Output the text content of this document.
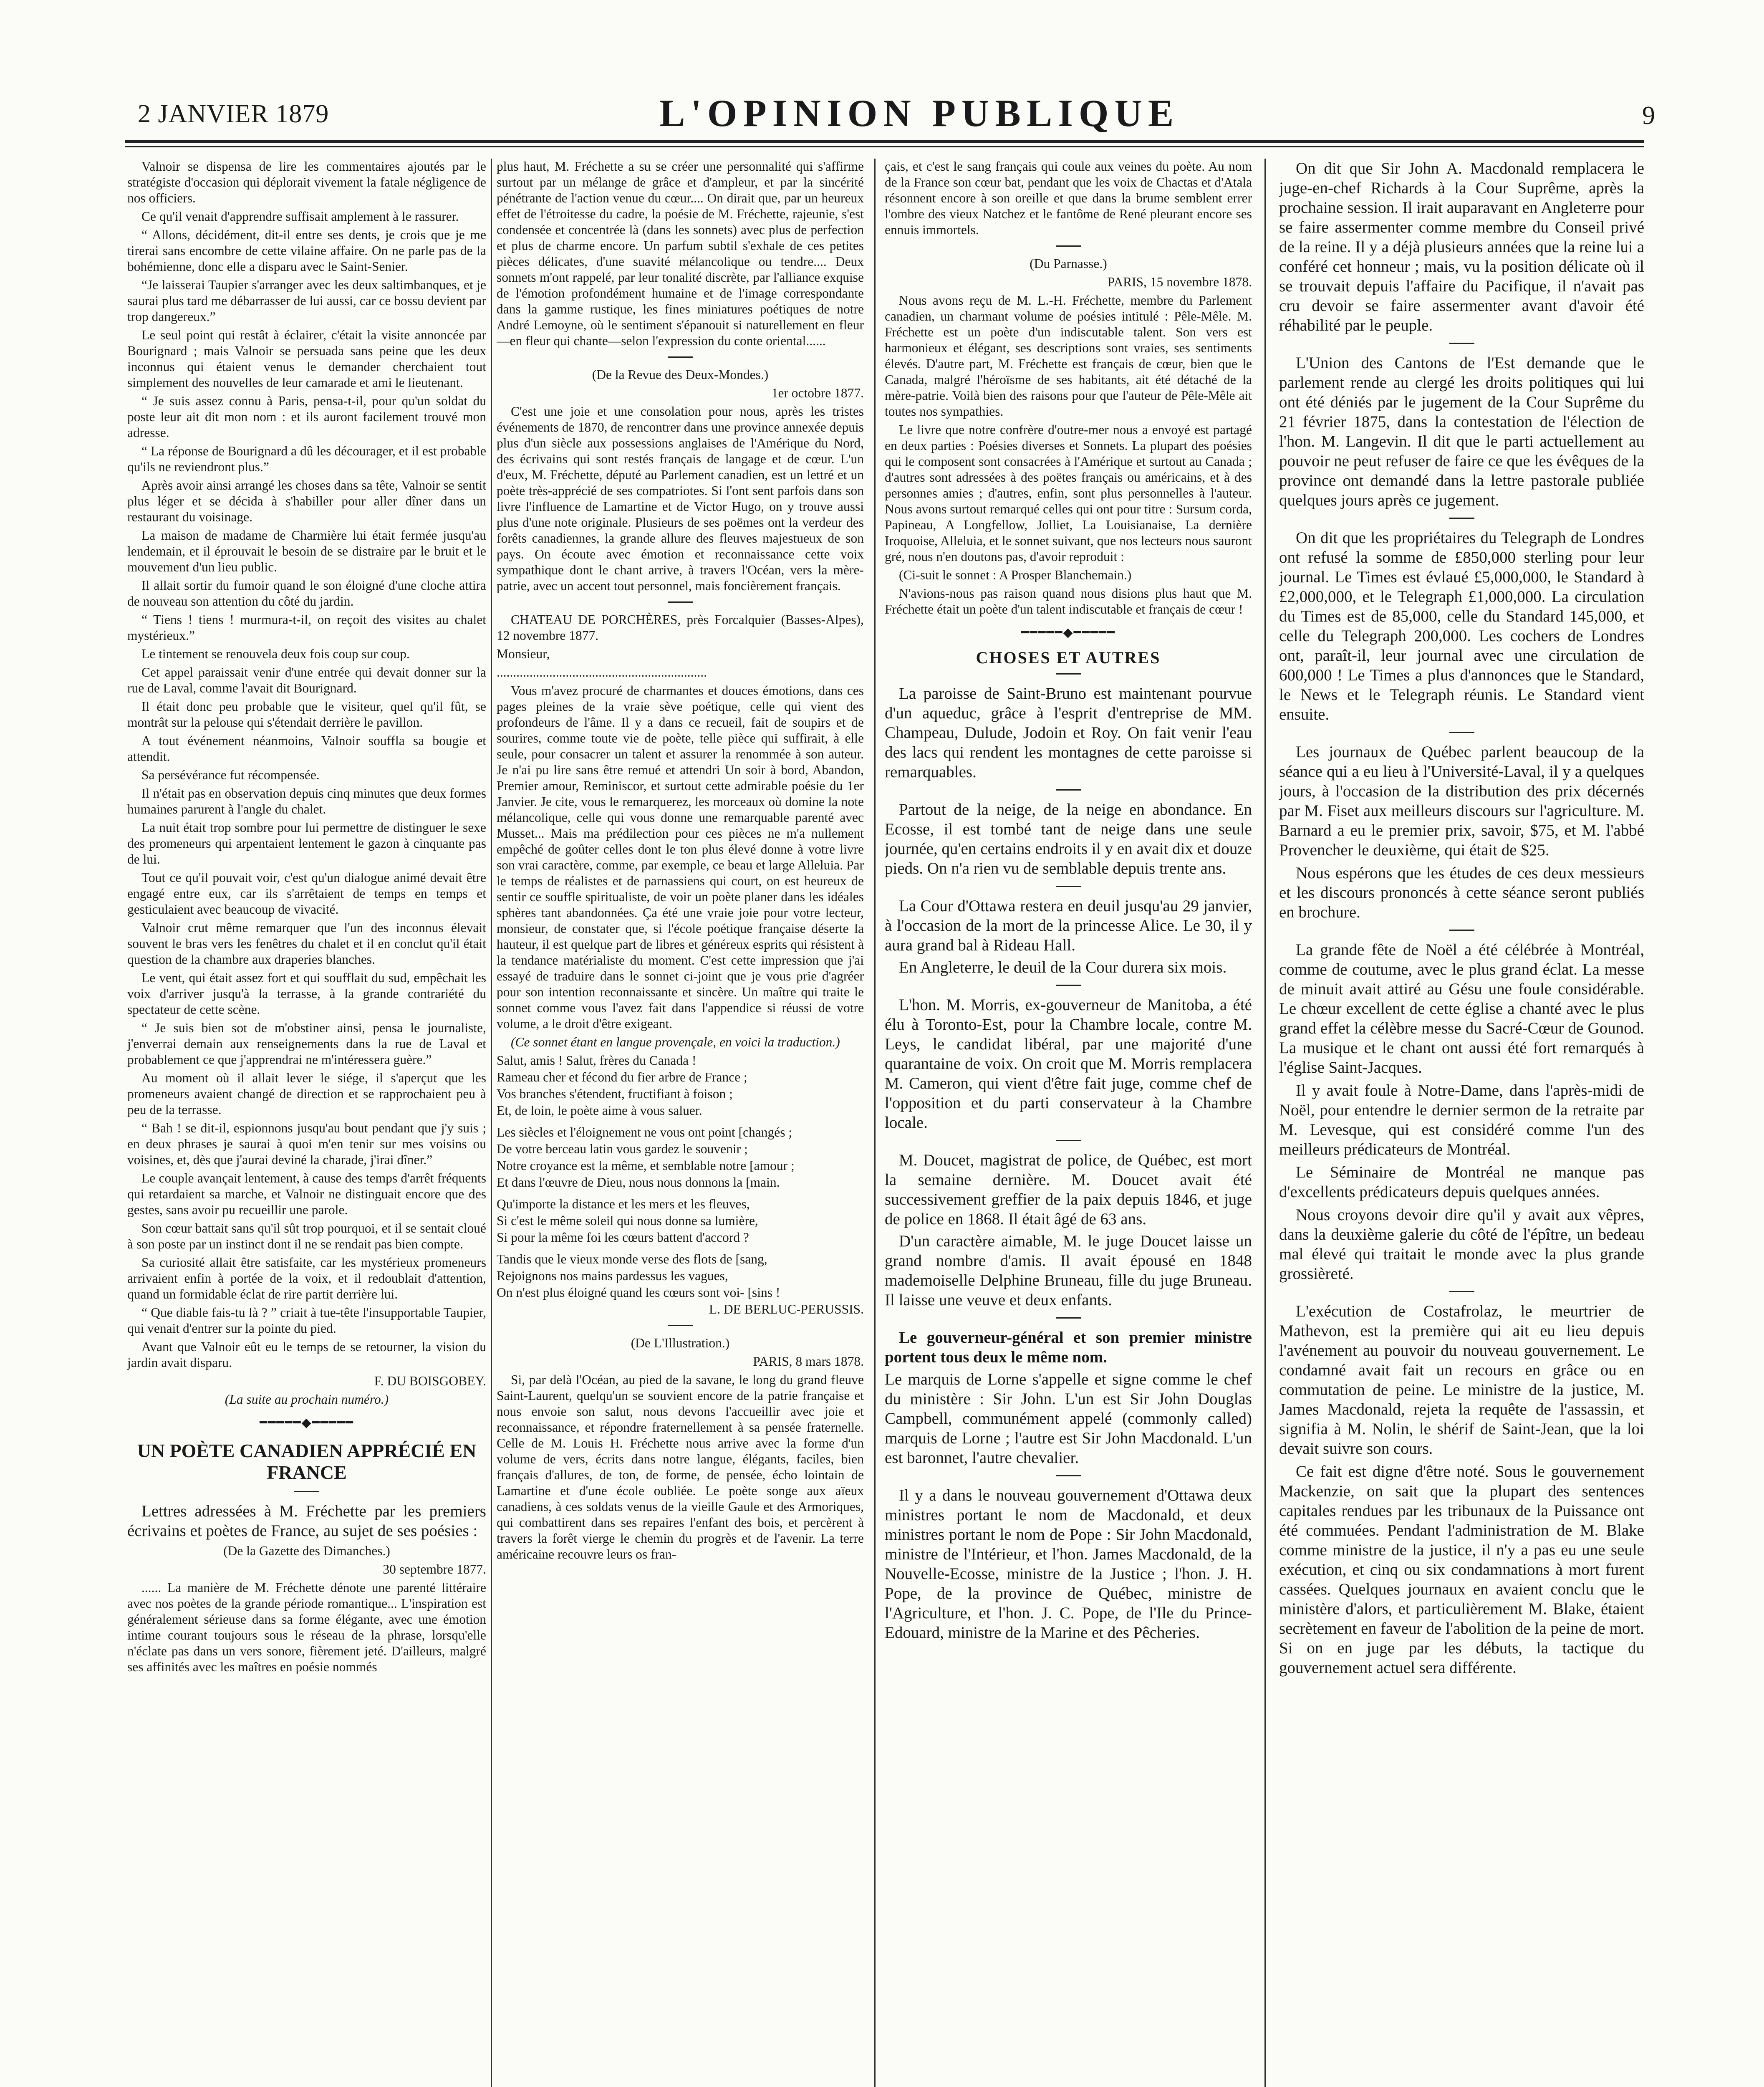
2 JANVIER 1879	L'OPINION PUBLIQUE	9

Valnoir se dispensa de lire les commentaires ajoutés par le stratégiste d'occasion qui déplorait vivement la fatale négligence de nos officiers.

Ce qu'il venait d'apprendre suffisait amplement à le rassurer.

“ Allons, décidément, dit-il entre ses dents, je crois que je me tirerai sans encombre de cette vilaine affaire. On ne parle pas de la bohémienne, donc elle a disparu avec le Saint-Senier.

“Je laisserai Taupier s'arranger avec les deux saltimbanques, et je saurai plus tard me débarrasser de lui aussi, car ce bossu devient par trop dangereux.”

Le seul point qui restât à éclairer, c'était la visite annoncée par Bourignard ; mais Valnoir se persuada sans peine que les deux inconnus qui étaient venus le demander cherchaient tout simplement des nouvelles de leur camarade et ami le lieutenant.

“ Je suis assez connu à Paris, pensa-t-il, pour qu'un soldat du poste leur ait dit mon nom : et ils auront facilement trouvé mon adresse.

“ La réponse de Bourignard a dû les décourager, et il est probable qu'ils ne reviendront plus.”

Après avoir ainsi arrangé les choses dans sa tête, Valnoir se sentit plus léger et se décida à s'habiller pour aller dîner dans un restaurant du voisinage.

La maison de madame de Charmière lui était fermée jusqu'au lendemain, et il éprouvait le besoin de se distraire par le bruit et le mouvement d'un lieu public.

Il allait sortir du fumoir quand le son éloigné d'une cloche attira de nouveau son attention du côté du jardin.

“ Tiens ! tiens ! murmura-t-il, on reçoit des visites au chalet mystérieux.”

Le tintement se renouvela deux fois coup sur coup.

Cet appel paraissait venir d'une entrée qui devait donner sur la rue de Laval, comme l'avait dit Bourignard.

Il était donc peu probable que le visiteur, quel qu'il fût, se montrât sur la pelouse qui s'étendait derrière le pavillon.

A tout événement néanmoins, Valnoir souffla sa bougie et attendit.

Sa persévérance fut récompensée.

Il n'était pas en observation depuis cinq minutes que deux formes humaines parurent à l'angle du chalet.

La nuit était trop sombre pour lui permettre de distinguer le sexe des promeneurs qui arpentaient lentement le gazon à cinquante pas de lui.

Tout ce qu'il pouvait voir, c'est qu'un dialogue animé devait être engagé entre eux, car ils s'arrêtaient de temps en temps et gesticulaient avec beaucoup de vivacité.

Valnoir crut même remarquer que l'un des inconnus élevait souvent le bras vers les fenêtres du chalet et il en conclut qu'il était question de la chambre aux draperies blanches.

Le vent, qui était assez fort et qui soufflait du sud, empêchait les voix d'arriver jusqu'à la terrasse, à la grande contrariété du spectateur de cette scène.

“ Je suis bien sot de m'obstiner ainsi, pensa le journaliste, j'enverrai demain aux renseignements dans la rue de Laval et probablement ce que j'apprendrai ne m'intéressera guère.”

Au moment où il allait lever le siége, il s'aperçut que les promeneurs avaient changé de direction et se rapprochaient peu à peu de la terrasse.

“ Bah ! se dit-il, espionnons jusqu'au bout pendant que j'y suis ; en deux phrases je saurai à quoi m'en tenir sur mes voisins ou voisines, et, dès que j'aurai deviné la charade, j'irai dîner.”

Le couple avançait lentement, à cause des temps d'arrêt fréquents qui retardaient sa marche, et Valnoir ne distinguait encore que des gestes, sans avoir pu recueillir une parole.

Son cœur battait sans qu'il sût trop pourquoi, et il se sentait cloué à son poste par un instinct dont il ne se rendait pas bien compte.

Sa curiosité allait être satisfaite, car les mystérieux promeneurs arrivaient enfin à portée de la voix, et il redoublait d'attention, quand un formidable éclat de rire partit derrière lui.

“ Que diable fais-tu là ? ” criait à tue-tête l'insupportable Taupier, qui venait d'entrer sur la pointe du pied.

Avant que Valnoir eût eu le temps de se retourner, la vision du jardin avait disparu.

F. DU BOISGOBEY.

(La suite au prochain numéro.)

━━━━━◆━━━━━
UN POÈTE CANADIEN APPRÉCIÉ EN FRANCE

Lettres adressées à M. Fréchette par les premiers écrivains et poètes de France, au sujet de ses poésies :

(De la Gazette des Dimanches.)

30 septembre 1877.

...... La manière de M. Fréchette dénote une parenté littéraire avec nos poètes de la grande période romantique... L'inspiration est généralement sérieuse dans sa forme élégante, avec une émotion intime courant toujours sous le réseau de la phrase, lorsqu'elle n'éclate pas dans un vers sonore, fièrement jeté. D'ailleurs, malgré ses affinités avec les maîtres en poésie nommés

plus haut, M. Fréchette a su se créer une personnalité qui s'affirme surtout par un mélange de grâce et d'ampleur, et par la sincérité pénétrante de l'action venue du cœur.... On dirait que, par un heureux effet de l'étroitesse du cadre, la poésie de M. Fréchette, rajeunie, s'est condensée et concentrée là (dans les sonnets) avec plus de perfection et plus de charme encore. Un parfum subtil s'exhale de ces petites pièces délicates, d'une suavité mélancolique ou tendre.... Deux sonnets m'ont rappelé, par leur tonalité discrète, par l'alliance exquise de l'émotion profondément humaine et de l'image correspondante dans la gamme rustique, les fines miniatures poétiques de notre André Lemoyne, où le sentiment s'épanouit si naturellement en fleur—en fleur qui chante—selon l'expression du conte oriental......

(De la Revue des Deux-Mondes.)

1er octobre 1877.

C'est une joie et une consolation pour nous, après les tristes événements de 1870, de rencontrer dans une province annexée depuis plus d'un siècle aux possessions anglaises de l'Amérique du Nord, des écrivains qui sont restés français de langage et de cœur. L'un d'eux, M. Fréchette, député au Parlement canadien, est un lettré et un poète très-apprécié de ses compatriotes. Si l'ont sent parfois dans son livre l'influence de Lamartine et de Victor Hugo, on y trouve aussi plus d'une note originale. Plusieurs de ses poëmes ont la verdeur des forêts canadiennes, la grande allure des fleuves majestueux de son pays. On écoute avec émotion et reconnaissance cette voix sympathique dont le chant arrive, à travers l'Océan, vers la mère-patrie, avec un accent tout personnel, mais foncièrement français.

CHATEAU DE PORCHÈRES, près Forcalquier (Basses-Alpes), 12 novembre 1877.

Monsieur,

................................................................

Vous m'avez procuré de charmantes et douces émotions, dans ces pages pleines de la vraie sève poétique, celle qui vient des profondeurs de l'âme. Il y a dans ce recueil, fait de soupirs et de sourires, comme toute vie de poète, telle pièce qui suffirait, à elle seule, pour consacrer un talent et assurer la renommée à son auteur. Je n'ai pu lire sans être remué et attendri Un soir à bord, Abandon, Premier amour, Reminiscor, et surtout cette admirable poésie du 1er Janvier. Je cite, vous le remarquerez, les morceaux où domine la note mélancolique, celle qui vous donne une remarquable parenté avec Musset... Mais ma prédilection pour ces pièces ne m'a nullement empêché de goûter celles dont le ton plus élevé donne à votre livre son vrai caractère, comme, par exemple, ce beau et large Alleluia. Par le temps de réalistes et de parnassiens qui court, on est heureux de sentir ce souffle spiritualiste, de voir un poète planer dans les idéales sphères tant abandonnées. Ça été une vraie joie pour votre lecteur, monsieur, de constater que, si l'école poétique française déserte la hauteur, il est quelque part de libres et généreux esprits qui résistent à la tendance matérialiste du moment. C'est cette impression que j'ai essayé de traduire dans le sonnet ci-joint que je vous prie d'agréer pour son intention reconnaissante et sincère. Un maître qui traite le sonnet comme vous l'avez fait dans l'appendice si réussi de votre volume, a le droit d'être exigeant.

(Ce sonnet étant en langue provençale, en voici la traduction.)

Salut, amis ! Salut, frères du Canada !

Rameau cher et fécond du fier arbre de France ;

Vos branches s'étendent, fructifiant à foison ;

Et, de loin, le poète aime à vous saluer.

Les siècles et l'éloignement ne vous ont point [changés ;

De votre berceau latin vous gardez le souvenir ;

Notre croyance est la même, et semblable notre [amour ;

Et dans l'œuvre de Dieu, nous nous donnons la [main.

Qu'importe la distance et les mers et les fleuves,

Si c'est le même soleil qui nous donne sa lumière,

Si pour la même foi les cœurs battent d'accord ?

Tandis que le vieux monde verse des flots de [sang,

Rejoignons nos mains pardessus les vagues,

On n'est plus éloigné quand les cœurs sont voi- [sins !

L. DE BERLUC-PERUSSIS.

(De L'Illustration.)

PARIS, 8 mars 1878.

Si, par delà l'Océan, au pied de la savane, le long du grand fleuve Saint-Laurent, quelqu'un se souvient encore de la patrie française et nous envoie son salut, nous devons l'accueillir avec joie et reconnaissance, et répondre fraternellement à sa pensée fraternelle. Celle de M. Louis H. Fréchette nous arrive avec la forme d'un volume de vers, écrits dans notre langue, élégants, faciles, bien français d'allures, de ton, de forme, de pensée, écho lointain de Lamartine et d'une école oubliée. Le poète songe aux aïeux canadiens, à ces soldats venus de la vieille Gaule et des Armoriques, qui combattirent dans ses repaires l'enfant des bois, et percèrent à travers la forêt vierge le chemin du progrès et de l'avenir. La terre américaine recouvre leurs os fran-

çais, et c'est le sang français qui coule aux veines du poète. Au nom de la France son cœur bat, pendant que les voix de Chactas et d'Atala résonnent encore à son oreille et que dans la brume semblent errer l'ombre des vieux Natchez et le fantôme de René pleurant encore ses ennuis immortels.

(Du Parnasse.)

PARIS, 15 novembre 1878.

Nous avons reçu de M. L.-H. Fréchette, membre du Parlement canadien, un charmant volume de poésies intitulé : Pêle-Mêle. M. Fréchette est un poète d'un indiscutable talent. Son vers est harmonieux et élégant, ses descriptions sont vraies, ses sentiments élevés. D'autre part, M. Fréchette est français de cœur, bien que le Canada, malgré l'héroïsme de ses habitants, ait été détaché de la mère-patrie. Voilà bien des raisons pour que l'auteur de Pêle-Mêle ait toutes nos sympathies.

Le livre que notre confrère d'outre-mer nous a envoyé est partagé en deux parties : Poésies diverses et Sonnets. La plupart des poésies qui le composent sont consacrées à l'Amérique et surtout au Canada ; d'autres sont adressées à des poëtes français ou américains, et à des personnes amies ; d'autres, enfin, sont plus personnelles à l'auteur. Nous avons surtout remarqué celles qui ont pour titre : Sursum corda, Papineau, A Longfellow, Jolliet, La Louisianaise, La dernière Iroquoise, Alleluia, et le sonnet suivant, que nos lecteurs nous sauront gré, nous n'en doutons pas, d'avoir reproduit :

(Ci-suit le sonnet : A Prosper Blanchemain.)

N'avions-nous pas raison quand nous disions plus haut que M. Fréchette était un poète d'un talent indiscutable et français de cœur !

━━━━━◆━━━━━
CHOSES ET AUTRES

La paroisse de Saint-Bruno est maintenant pourvue d'un aqueduc, grâce à l'esprit d'entreprise de MM. Champeau, Dulude, Jodoin et Roy. On fait venir l'eau des lacs qui rendent les montagnes de cette paroisse si remarquables.

Partout de la neige, de la neige en abondance. En Ecosse, il est tombé tant de neige dans une seule journée, qu'en certains endroits il y en avait dix et douze pieds. On n'a rien vu de semblable depuis trente ans.

La Cour d'Ottawa restera en deuil jusqu'au 29 janvier, à l'occasion de la mort de la princesse Alice. Le 30, il y aura grand bal à Rideau Hall.

En Angleterre, le deuil de la Cour durera six mois.

L'hon. M. Morris, ex-gouverneur de Manitoba, a été élu à Toronto-Est, pour la Chambre locale, contre M. Leys, le candidat libéral, par une majorité d'une quarantaine de voix. On croit que M. Morris remplacera M. Cameron, qui vient d'être fait juge, comme chef de l'opposition et du parti conservateur à la Chambre locale.

M. Doucet, magistrat de police, de Québec, est mort la semaine dernière. M. Doucet avait été successivement greffier de la paix depuis 1846, et juge de police en 1868. Il était âgé de 63 ans.

D'un caractère aimable, M. le juge Doucet laisse un grand nombre d'amis. Il avait épousé en 1848 mademoiselle Delphine Bruneau, fille du juge Bruneau. Il laisse une veuve et deux enfants.

Le gouverneur-général et son premier ministre portent tous deux le même nom.

Le marquis de Lorne s'appelle et signe comme le chef du ministère : Sir John. L'un est Sir John Douglas Campbell, communément appelé (commonly called) marquis de Lorne ; l'autre est Sir John Macdonald. L'un est baronnet, l'autre chevalier.

Il y a dans le nouveau gouvernement d'Ottawa deux ministres portant le nom de Macdonald, et deux ministres portant le nom de Pope : Sir John Macdonald, ministre de l'Intérieur, et l'hon. James Macdonald, de la Nouvelle-Ecosse, ministre de la Justice ; l'hon. J. H. Pope, de la province de Québec, ministre de l'Agriculture, et l'hon. J. C. Pope, de l'Ile du Prince-Edouard, ministre de la Marine et des Pêcheries.

On dit que Sir John A. Macdonald remplacera le juge-en-chef Richards à la Cour Suprême, après la prochaine session. Il irait auparavant en Angleterre pour se faire assermenter comme membre du Conseil privé de la reine. Il y a déjà plusieurs années que la reine lui a conféré cet honneur ; mais, vu la position délicate où il se trouvait depuis l'affaire du Pacifique, il n'avait pas cru devoir se faire assermenter avant d'avoir été réhabilité par le peuple.

L'Union des Cantons de l'Est demande que le parlement rende au clergé les droits politiques qui lui ont été déniés par le jugement de la Cour Suprême du 21 février 1875, dans la contestation de l'élection de l'hon. M. Langevin. Il dit que le parti actuellement au pouvoir ne peut refuser de faire ce que les évêques de la province ont demandé dans la lettre pastorale publiée quelques jours après ce jugement.

On dit que les propriétaires du Telegraph de Londres ont refusé la somme de £850,000 sterling pour leur journal. Le Times est évlaué £5,000,000, le Standard à £2,000,000, et le Telegraph £1,000,000. La circulation du Times est de 85,000, celle du Standard 145,000, et celle du Telegraph 200,000. Les cochers de Londres ont, paraît-il, leur journal avec une circulation de 600,000 ! Le Times a plus d'annonces que le Standard, le News et le Telegraph réunis. Le Standard vient ensuite.

Les journaux de Québec parlent beaucoup de la séance qui a eu lieu à l'Université-Laval, il y a quelques jours, à l'occasion de la distribution des prix décernés par M. Fiset aux meilleurs discours sur l'agriculture. M. Barnard a eu le premier prix, savoir, $75, et M. l'abbé Provencher le deuxième, qui était de $25.

Nous espérons que les études de ces deux messieurs et les discours prononcés à cette séance seront publiés en brochure.

La grande fête de Noël a été célébrée à Montréal, comme de coutume, avec le plus grand éclat. La messe de minuit avait attiré au Gésu une foule considérable. Le chœur excellent de cette église a chanté avec le plus grand effet la célèbre messe du Sacré-Cœur de Gounod. La musique et le chant ont aussi été fort remarqués à l'église Saint-Jacques.

Il y avait foule à Notre-Dame, dans l'après-midi de Noël, pour entendre le dernier sermon de la retraite par M. Levesque, qui est considéré comme l'un des meilleurs prédicateurs de Montréal.

Le Séminaire de Montréal ne manque pas d'excellents prédicateurs depuis quelques années.

Nous croyons devoir dire qu'il y avait aux vêpres, dans la deuxième galerie du côté de l'épître, un bedeau mal élevé qui traitait le monde avec la plus grande grossièreté.

L'exécution de Costafrolaz, le meurtrier de Mathevon, est la première qui ait eu lieu depuis l'avénement au pouvoir du nouveau gouvernement. Le condamné avait fait un recours en grâce ou en commutation de peine. Le ministre de la justice, M. James Macdonald, rejeta la requête de l'assassin, et signifia à M. Nolin, le shérif de Saint-Jean, que la loi devait suivre son cours.

Ce fait est digne d'être noté. Sous le gouvernement Mackenzie, on sait que la plupart des sentences capitales rendues par les tribunaux de la Puissance ont été commuées. Pendant l'administration de M. Blake comme ministre de la justice, il n'y a pas eu une seule exécution, et cinq ou six condamnations à mort furent cassées. Quelques journaux en avaient conclu que le ministère d'alors, et particulièrement M. Blake, étaient secrètement en faveur de l'abolition de la peine de mort. Si on en juge par les débuts, la tactique du gouvernement actuel sera différente.
